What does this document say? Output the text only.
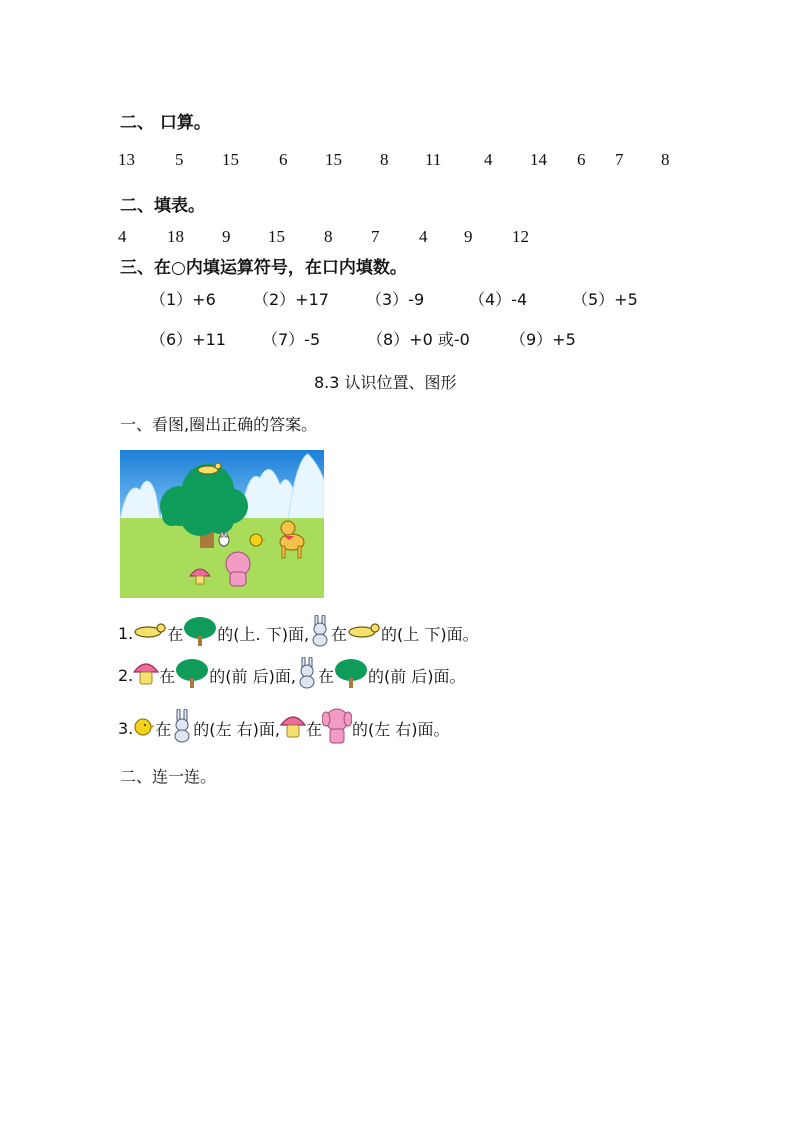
二、 口算。
13 5 15 6 15 8 11	4 14 6 7 8
二、填表。
4 18 9 15 8 7 4 9 12
三、在○内填运算符号，在口内填数。
（1）+6 （2）+17 （3）-9	（4）-4	（5）+5
（6）+11 （7）-5	（8）+0 或-0	（9）+5
8.3 认识位置、图形
一、看图,圈出正确的答案。
1. 在 的(上. 下)面, 在 的(上 下)面。
2. 在 的(前 后)面, 在 的(前 后)面。
3. 在 的(左 右)面, 在 的(左 右)面。
二、连一连。
